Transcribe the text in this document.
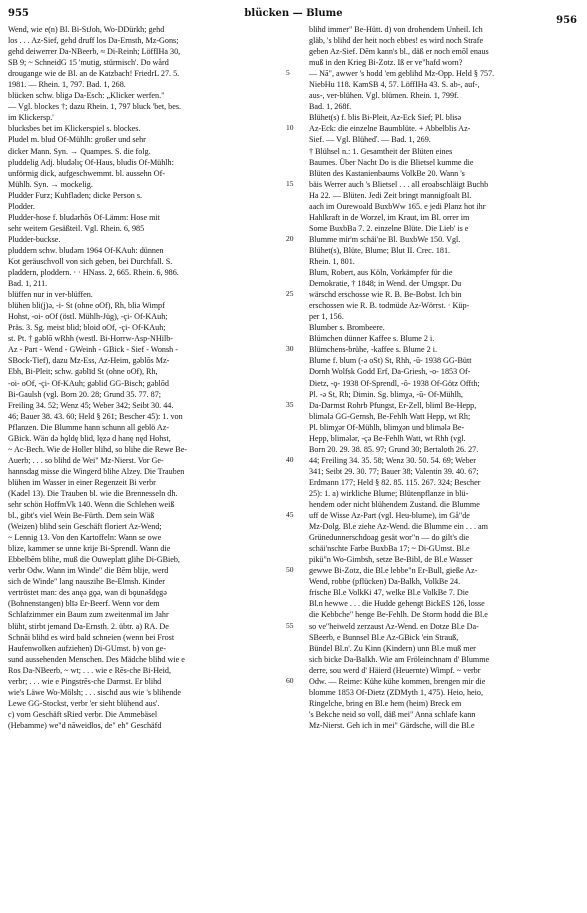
955	blücken — Blume
956
Wend, wie e(n) Bl. Bi-StJoh, Wo-DDürkh; gehd
los . . . Az-Sief, gehd druff los Da-Ernsth, Mz-Gons;
gehd deiwerrer Da-NBeerb, ≈ Di-Reinh; LöffIHa 30,
SB 9; ~ SchneidG 15 'mutig, stürmisch'. Do wård
drougange wie de Bl. an de Katzbach! FriedrL 27. 5.
1981. — Rhein. 1, 797. Bad. 1, 268.
blücken schw. bligə Da-Esch: „Klicker werfen."
— Vgl. blockes †; dazu Rhein. 1, 797 bluck 'bet, bes.
im Klickersp.'
blucksbes bet im Klickerspiel s. blockes.
Pludel m. blud Of-Mühlh: großer und sehr
dicker Mann. Syn. → Quampes. S. die folg.
pluddelig Adj. bludəlɪç Of-Haus, bludis Of-Mühlh:
unförmig dick, aufgeschwemmt. bl. aussehn Of-
Mühlh. Syn. → mockelig.
Pludder Furz; Kuhfladen; dicke Person s.
Plodder.
Pludder-hose f. bludərhōs Of-Lämm: Hose mit
sehr weitem Gesäßteil. Vgl. Rhein. 6, 985
Pludder-buckse.
pluddern schw. bludərn 1964 Of-KAuh: dünnen
Kot geräuschvoll von sich geben, bei Durchfall. S.
pladdern, ploddern. · · HNass. 2, 665. Rhein. 6, 986.
Bad. 1, 211.
blüffen nur in ver-blüffen.
blühen bli(j)ə, -i- St (ohne oOf), Rh, bliə Wimpf
Hohst, -oi- oOf (östl. Mühlh-Jüg), -çi- Of-KAuh;
Präs. 3. Sg. meist blid; bloid oOf, -çi- Of-KAuh;
st. Pt. † gəblō wRhh (westl. Bi-Horrw-Asp-NHilb-
Az - Part - Wend - GWeinh - GBick - Sief - Wonsh -
SBock-Tief), dazu Mz-Ess, Az-Heim, gəblōs Mz-
Ebh, Bi-Pleit; schw. gəblīd St (ohne oOf), Rh,
-oi- oOf, -çi- Of-KAuh; gəblid GG-Bisch; gəblōd
Bi-Gaulsh (vgl. Born 20. 28; Grund 35. 77. 87;
Freiling 34. 52; Wenz 45; Weber 342; Seibt 30. 44.
46; Bauer 38. 43. 60; Held § 261; Bescher 45): 1. von
Pflanzen. Die Blumme hann schunn all geblö Az-
GBick. Wän də hǫldę blid, lęzə d hanę nęd Hohst,
~ Ac-Bech. Wie de Holler blihd, so blihe die Rewe Be-
Auerb; . . . so blihd de Wei" Mz-Nierst. Vor Ge-
hannsdag misse die Wingerd blihe Alzey. Die Trauben
blühen im Wasser in einer Regenzeit Bi verbr
(Kadel 13). Die Trauben bl. wie die Brennesseln dh.
sehr schön HoffmVk 140. Wenn die Schlehen weiß
bl., gibt's viel Wein Be-Fürth. Dem sein Wäß
(Weizen) blihd sein Geschäft floriert Az-Wend;
~ Lennig 13. Von den Kartoffeln: Wann se owe
blize, kammer se unne krije Bi-Sprendl. Wann die
Ebbelbēm blihe, muß die Ouweplatt glihe Di-GBieb,
verbr Odw. Wann im Winde" die Bēm blije, werd
sich de Winde" lang nauszihe Be-Elmsh. Kinder
vertröstet man: des anęə gǫə, wan di bǫunəšdęgə
(Bohnenstangen) blīə Er-Beerf. Wenn vor dem
Schlafzimmer ein Baum zum zweitenmal im Jahr
blüht, stirbt jemand Da-Ernsth. 2. übtr. a) RA. De
Schnāi blihd es wird bald schneien (wenn bei Frost
Haufenwolken aufziehen) Di-GUmst. b) von ge-
sund aussehenden Menschen. Des Mädche blihd wie e
Ros Da-NBeerb, ~ wt; . . . wie e Rēs-che Bi-Heid,
verbr; . . . wie e Pingstrēs-che Darmst. Er blihd
wie's Läwe Wo-Mölsh; . . . sischd aus wie 's blihende
Lewe GG-Stockst, verbr 'er sieht blühend aus'.
c) vom Geschäft sRied verbr. Die Ammebäsel
(Hebamme) we"d nāweidlos, de" eh" Geschäfd
5
10
15
20
25
30
35
40
45
50
55
60
blihd immer" Be-Hütt. d) von drohendem Unheil. Ich
gläb, 's blihd der heit noch ebbes! es wird noch Strafe
geben Az-Sief. Dēm kann's bl., däß er noch emōl enaus
muß in den Krieg Bi-Zotz. Iß er ve"hafd worn?
— Nā", awwer 's hodd 'em geblihd Mz-Opp. Held § 757.
NiebHu 118. KamSB 4, 57. LöffIHa 43. S. ab-, auf-,
aus-, ver-blühen. Vgl. blümen. Rhein. 1, 799f.
Bad. 1, 268f.
Blühet(s) f. blis Bi-Pleit, Az-Eck Sief; Pl. blisə
Az-Eck: die einzelne Baumblüte. + Abbelblis Az-
Sief. — Vgl. Blüheď. — Bad. 1, 269.
† Blühsel n.: 1. Gesamtheit der Blüten eines
Baumes. Über Nacht Do is die Blietsel kumme die
Blüten des Kastanienbaums VolkBe 20. Wann 's
bäis Werrer auch 's Blietsel . . . all eroabschläigt Buchb
Ha 22. — Blüten. Jedi Zeit bringt mannigfoalt Bl.
aach im Ourewoald BuxbWw 165. e jedi Planz hot ihr
Hahlkraft in de Worzel, im Kraut, im Bl. orrer im
Some BuxbBa 7. 2. einzelne Blüte. Die Lieb' is e
Blumme mir'm schäi'ne Bl. BuxbWe 150. Vgl.
Blühet(s), Blüte, Blume; Blut II. Crec. 181.
Rhein. 1, 801.
Blum, Robert, aus Köln, Vorkämpfer für die
Demokratie, † 1848; in Wend. der Umgspr. Du
wärschd erschosse wie R. B. Be-Bobst. Ich bin
erschossen wie R. B. todmüde Az-Wörrst. · Küp-
per 1, 156.
Blumber s. Brombeere.
Blümchen dünner Kaffee s. Blume 2 i.
Blümchens-brühe, -kaffee s. Blume 2 i.
Blume f. blum (-ə oSt) St, Rhh, -ū- 1938 GG-Bütt
Dornh Wolfsk Godd Erf, Da-Griesh, -o- 1853 Of-
Dietz, -ǫ- 1938 Of-Sprendl, -ō- 1938 Of-Götz Offth;
Pl. -ə St, Rh; Dimin. Sg. blimχə, -ū- Of-Mühlh,
Da-Darmst Rohrb Pfungst, Er-Zell, bliml Be-Hepp,
blimələ GG-Gernsh, Be-Fehlh Watt Hepp, wt Rh;
Pl. blimχər Of-Mühlh, blimχən und blimələ Be-
Hepp, blimələr, -çə Be-Fehlh Watt, wt Rhh (vgl.
Born 20. 29. 38. 85. 97; Grund 30; Bertaloth 26. 27.
44; Freiling 34. 35. 58; Wenz 30. 50. 54. 69; Weber
341; Seibt 29. 30. 77; Bauer 38; Valentin 39. 40. 67;
Erdmann 177; Held § 82. 85. 115. 267. 324; Bescher
25): 1. a) wirkliche Blume; Blütenpflanze in blü-
hendem oder nicht blühendem Zustand. die Blumme
uff de Wisse Az-Part (vgl. Heu-blume), im Gå"de
Mz-Dolg. Bl.e ziehe Az-Wend. die Blumme ein . . . am
Grünedunnerschdoag gesät wor"n — do gilt's die
schäi'nschte Farbe BuxbBa 17; ~ Di-GUmst. Bl.e
pikü"n Wo-Gimbsh, setze Be-Bibl, de Bl.e Wasser
gewwe Bi-Zotz, die Bl.e lebbe"n Er-Bull, gieße Az-
Wend, robbe (pflücken) Da-Balkh, VolkBe 24.
frische Bl.e VolkKi 47, welke Bl.e VolkBe 7. Die
Bl.n hewwe . . . die Hudde gehengt BickES 126, losse
die Kebbche" henge Be-Fehlh. De Storm hodd die Bl.e
so ve"heiweld zerzaust Az-Wend. en Dotze Bl.e Da-
SBeerb, e Bunnsel Bl.e Az-GBick 'ein Strauß,
Bündel Bl.n'. Zu Kinn (Kindern) unn Bl.e muß mer
sich bicke Da-Balkh. Wie am Fröleinchnam d' Blumme
derre, sou werd d' Häierd (Heuernte) Wimpf. ~ verbr
Odw. — Reime: Kühe kühe kommen, brengen mir die
blomme 1853 Of-Dietz (ZDMyth 1, 475). Heio, heio,
Ringelche, bring en Bl.e hem (heim) Breck em
's Bekche neid so voll, däß mei" Anna schlafe kann
Mz-Nierst. Geh ich in mei" Gärdsche, will die Bl.e
